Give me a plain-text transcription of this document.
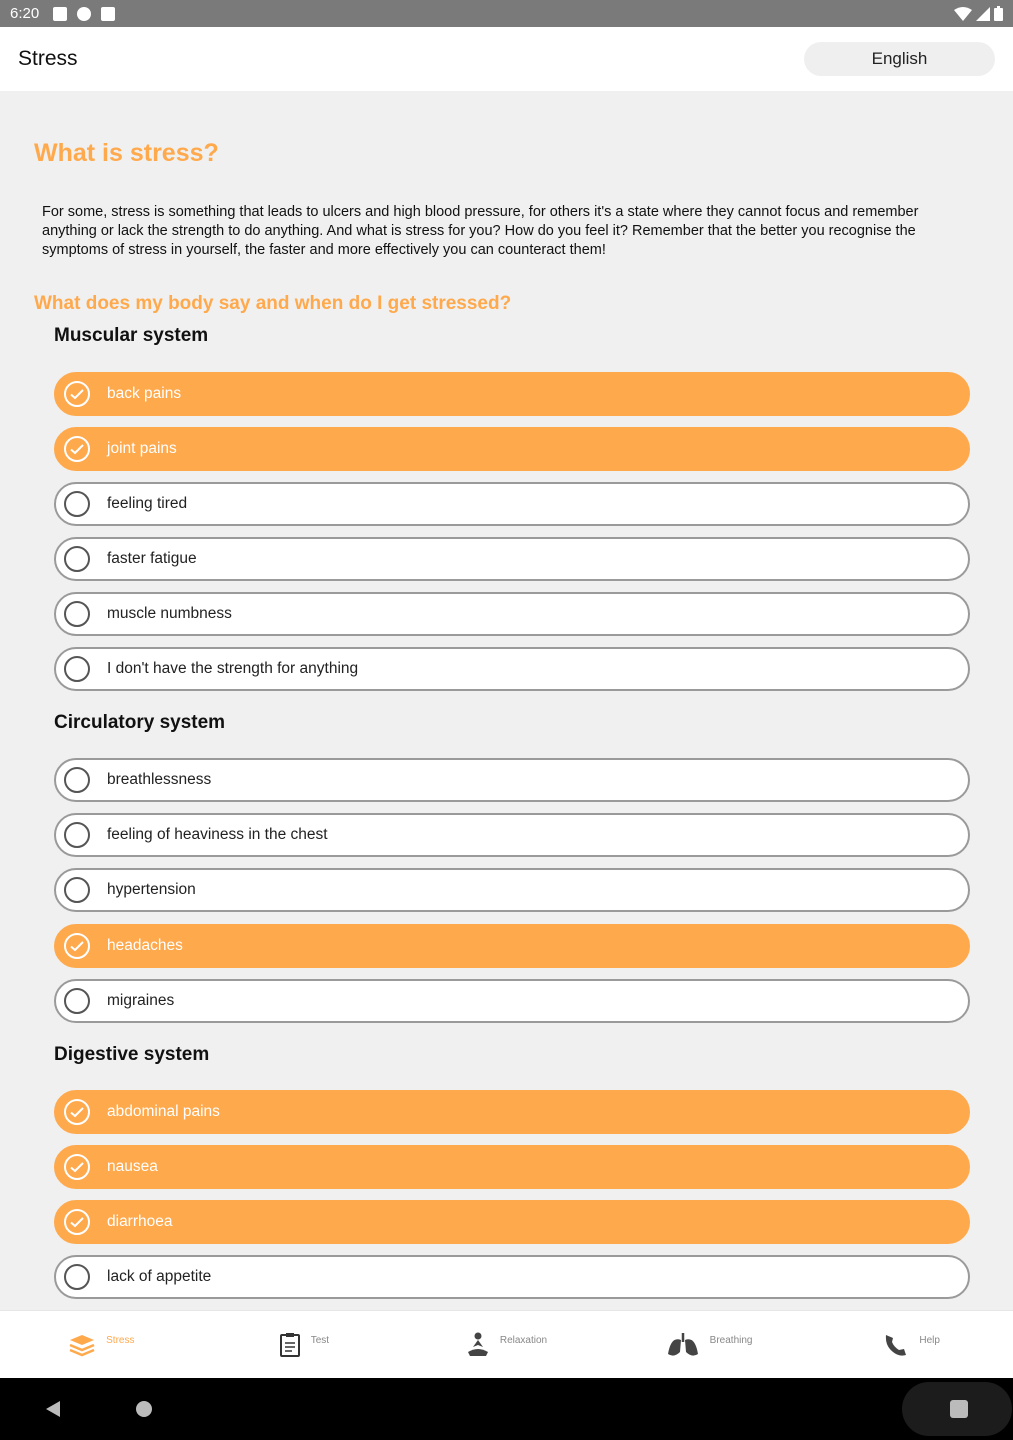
6:20
Stress	English
What is stress?
For some, stress is something that leads to ulcers and high blood pressure, for others it's a state where they cannot focus and remember anything or lack the strength to do anything. And what is stress for you? How do you feel it? Remember that the better you recognise the symptoms of stress in yourself, the faster and more effectively you can counteract them!
What does my body say and when do I get stressed?
Muscular system
back pains
joint pains
feeling tired
faster fatigue
muscle numbness
I don't have the strength for anything
Circulatory system
breathlessness
feeling of heaviness in the chest
hypertension
headaches
migraines
Digestive system
abdominal pains
nausea
diarrhoea
lack of appetite
Stress	Test	Relaxation	Breathing	Help
